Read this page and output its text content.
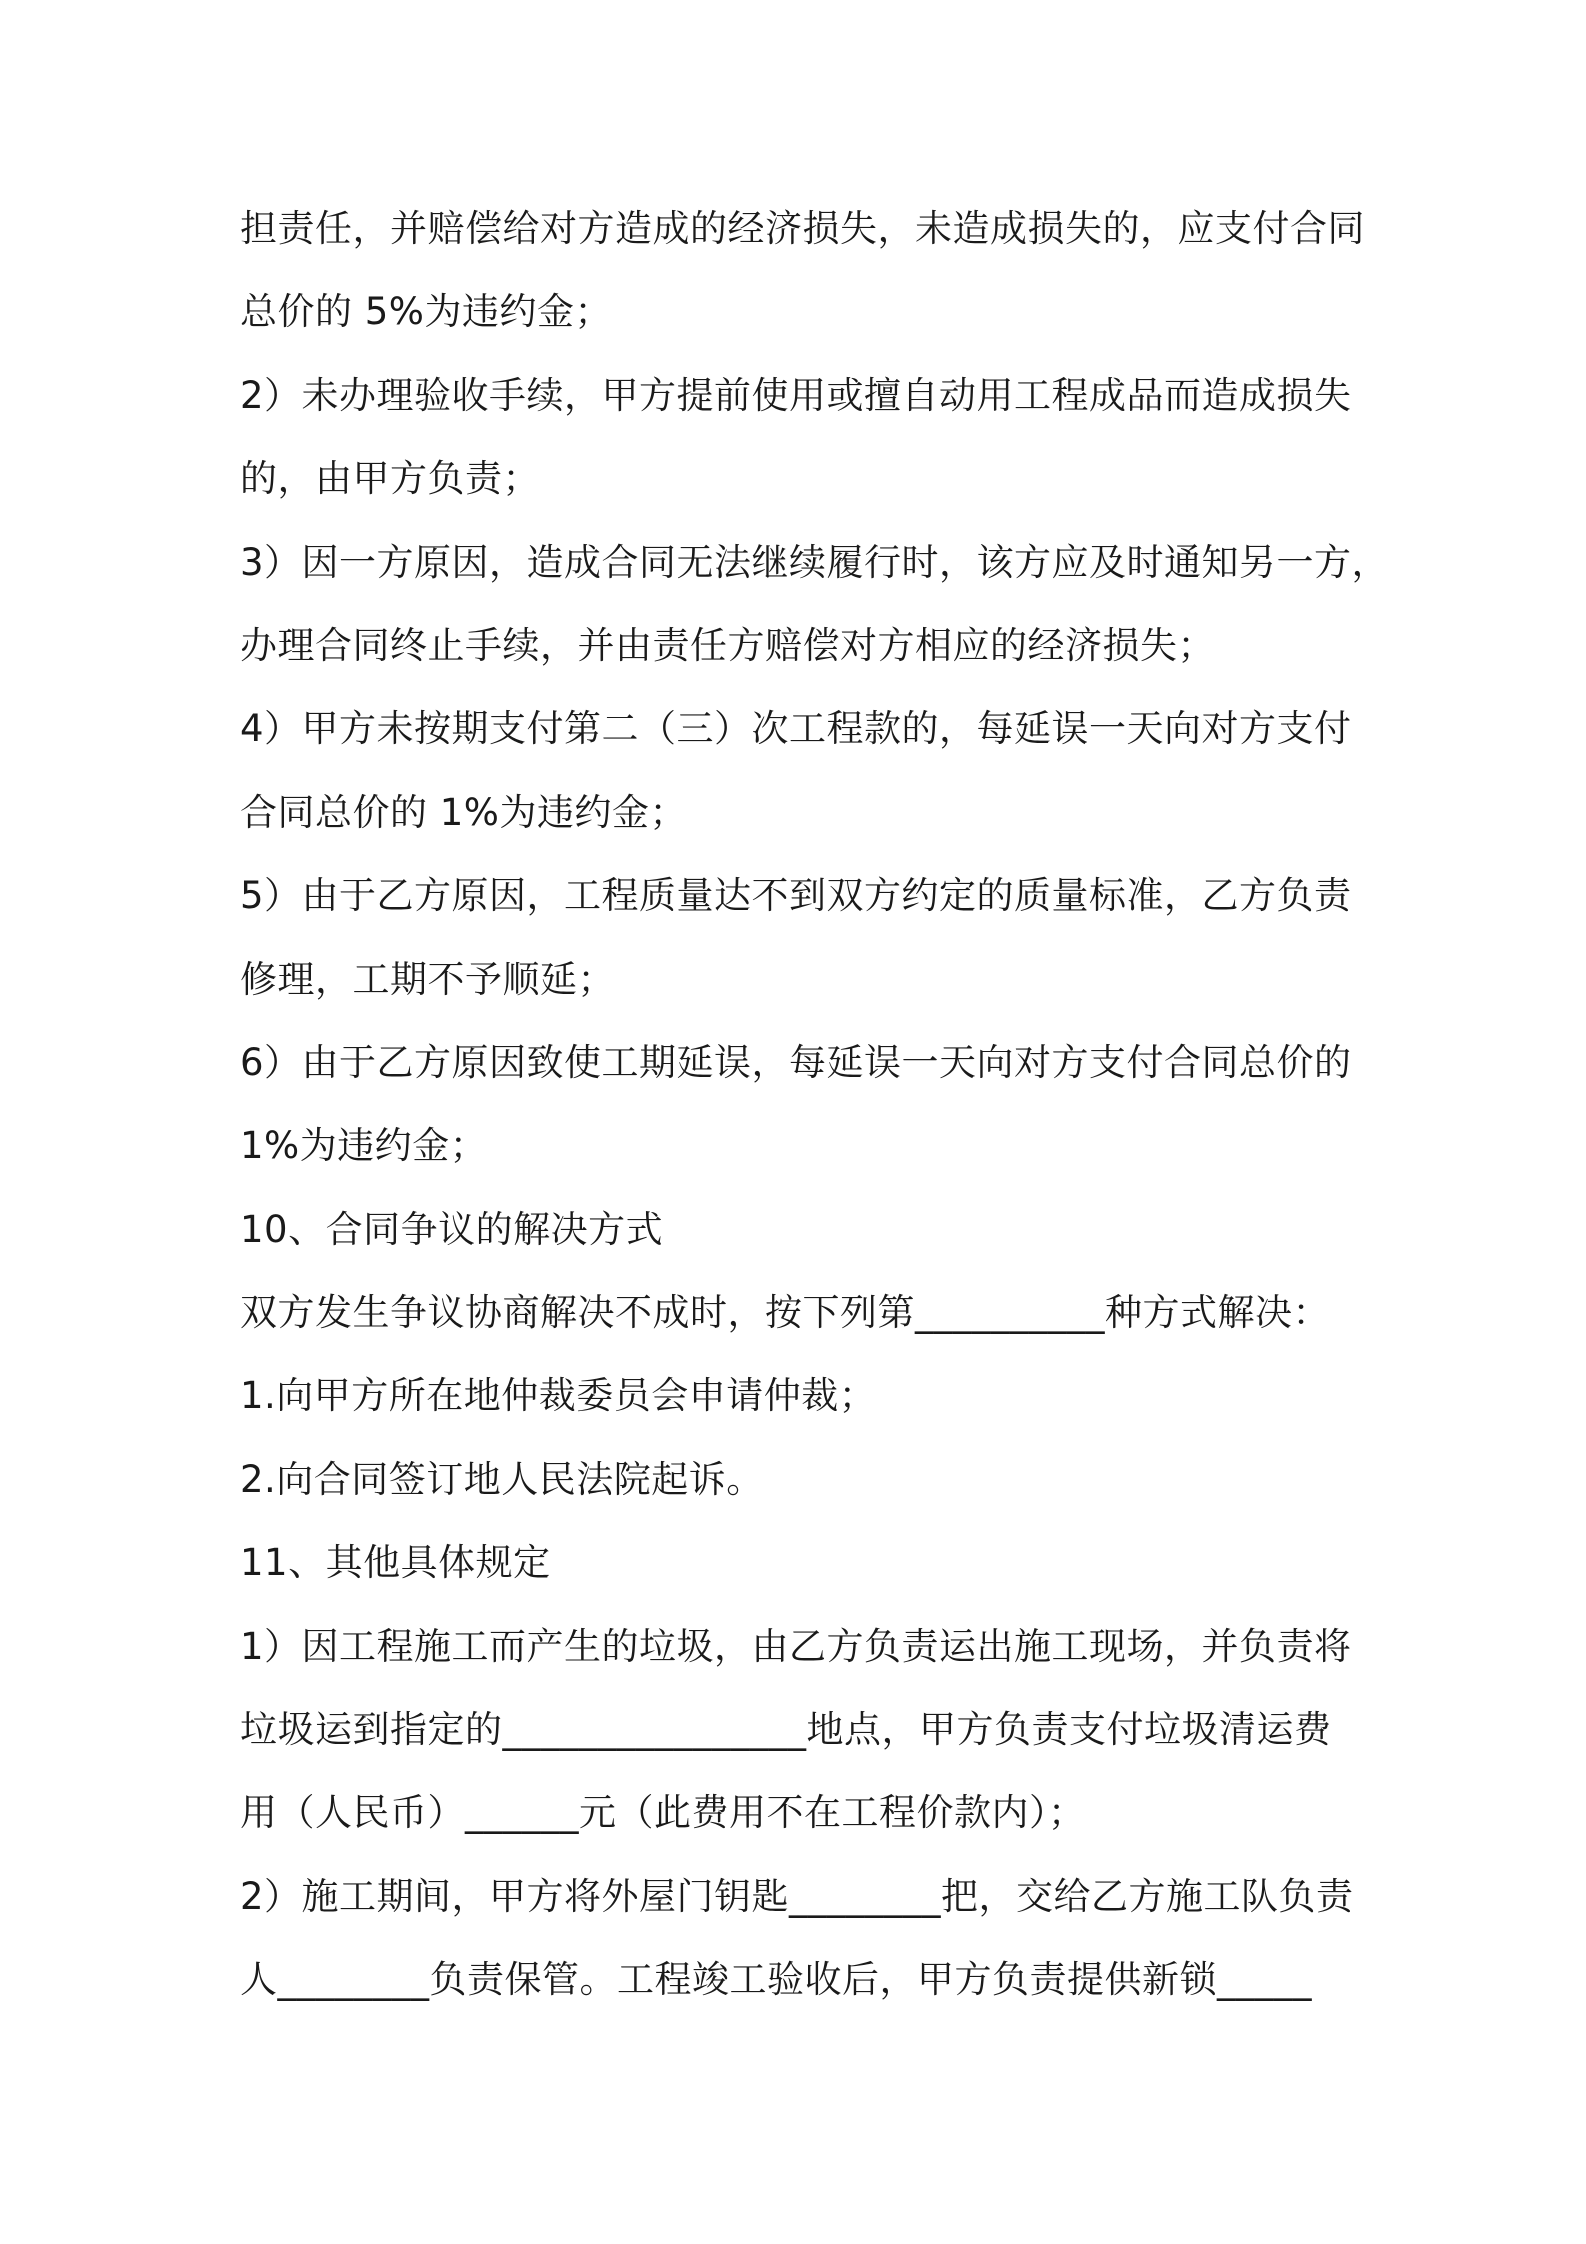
担责任，并赔偿给对方造成的经济损失，未造成损失的，应支付合同
总价的 5%为违约金；
2）未办理验收手续，甲方提前使用或擅自动用工程成品而造成损失
的，由甲方负责；
3）因一方原因，造成合同无法继续履行时，该方应及时通知另一方，
办理合同终止手续，并由责任方赔偿对方相应的经济损失；
4）甲方未按期支付第二（三）次工程款的，每延误一天向对方支付
合同总价的 1%为违约金；
5）由于乙方原因，工程质量达不到双方约定的质量标准，乙方负责
修理，工期不予顺延；
6）由于乙方原因致使工期延误，每延误一天向对方支付合同总价的
1%为违约金；
10、合同争议的解决方式
双方发生争议协商解决不成时，按下列第__________种方式解决：
1.向甲方所在地仲裁委员会申请仲裁；
2.向合同签订地人民法院起诉。
11、其他具体规定
1）因工程施工而产生的垃圾，由乙方负责运出施工现场，并负责将
垃圾运到指定的________________地点，甲方负责支付垃圾清运费
用（人民币）______元（此费用不在工程价款内）；
2）施工期间，甲方将外屋门钥匙________把，交给乙方施工队负责
人________负责保管。工程竣工验收后，甲方负责提供新锁_____
